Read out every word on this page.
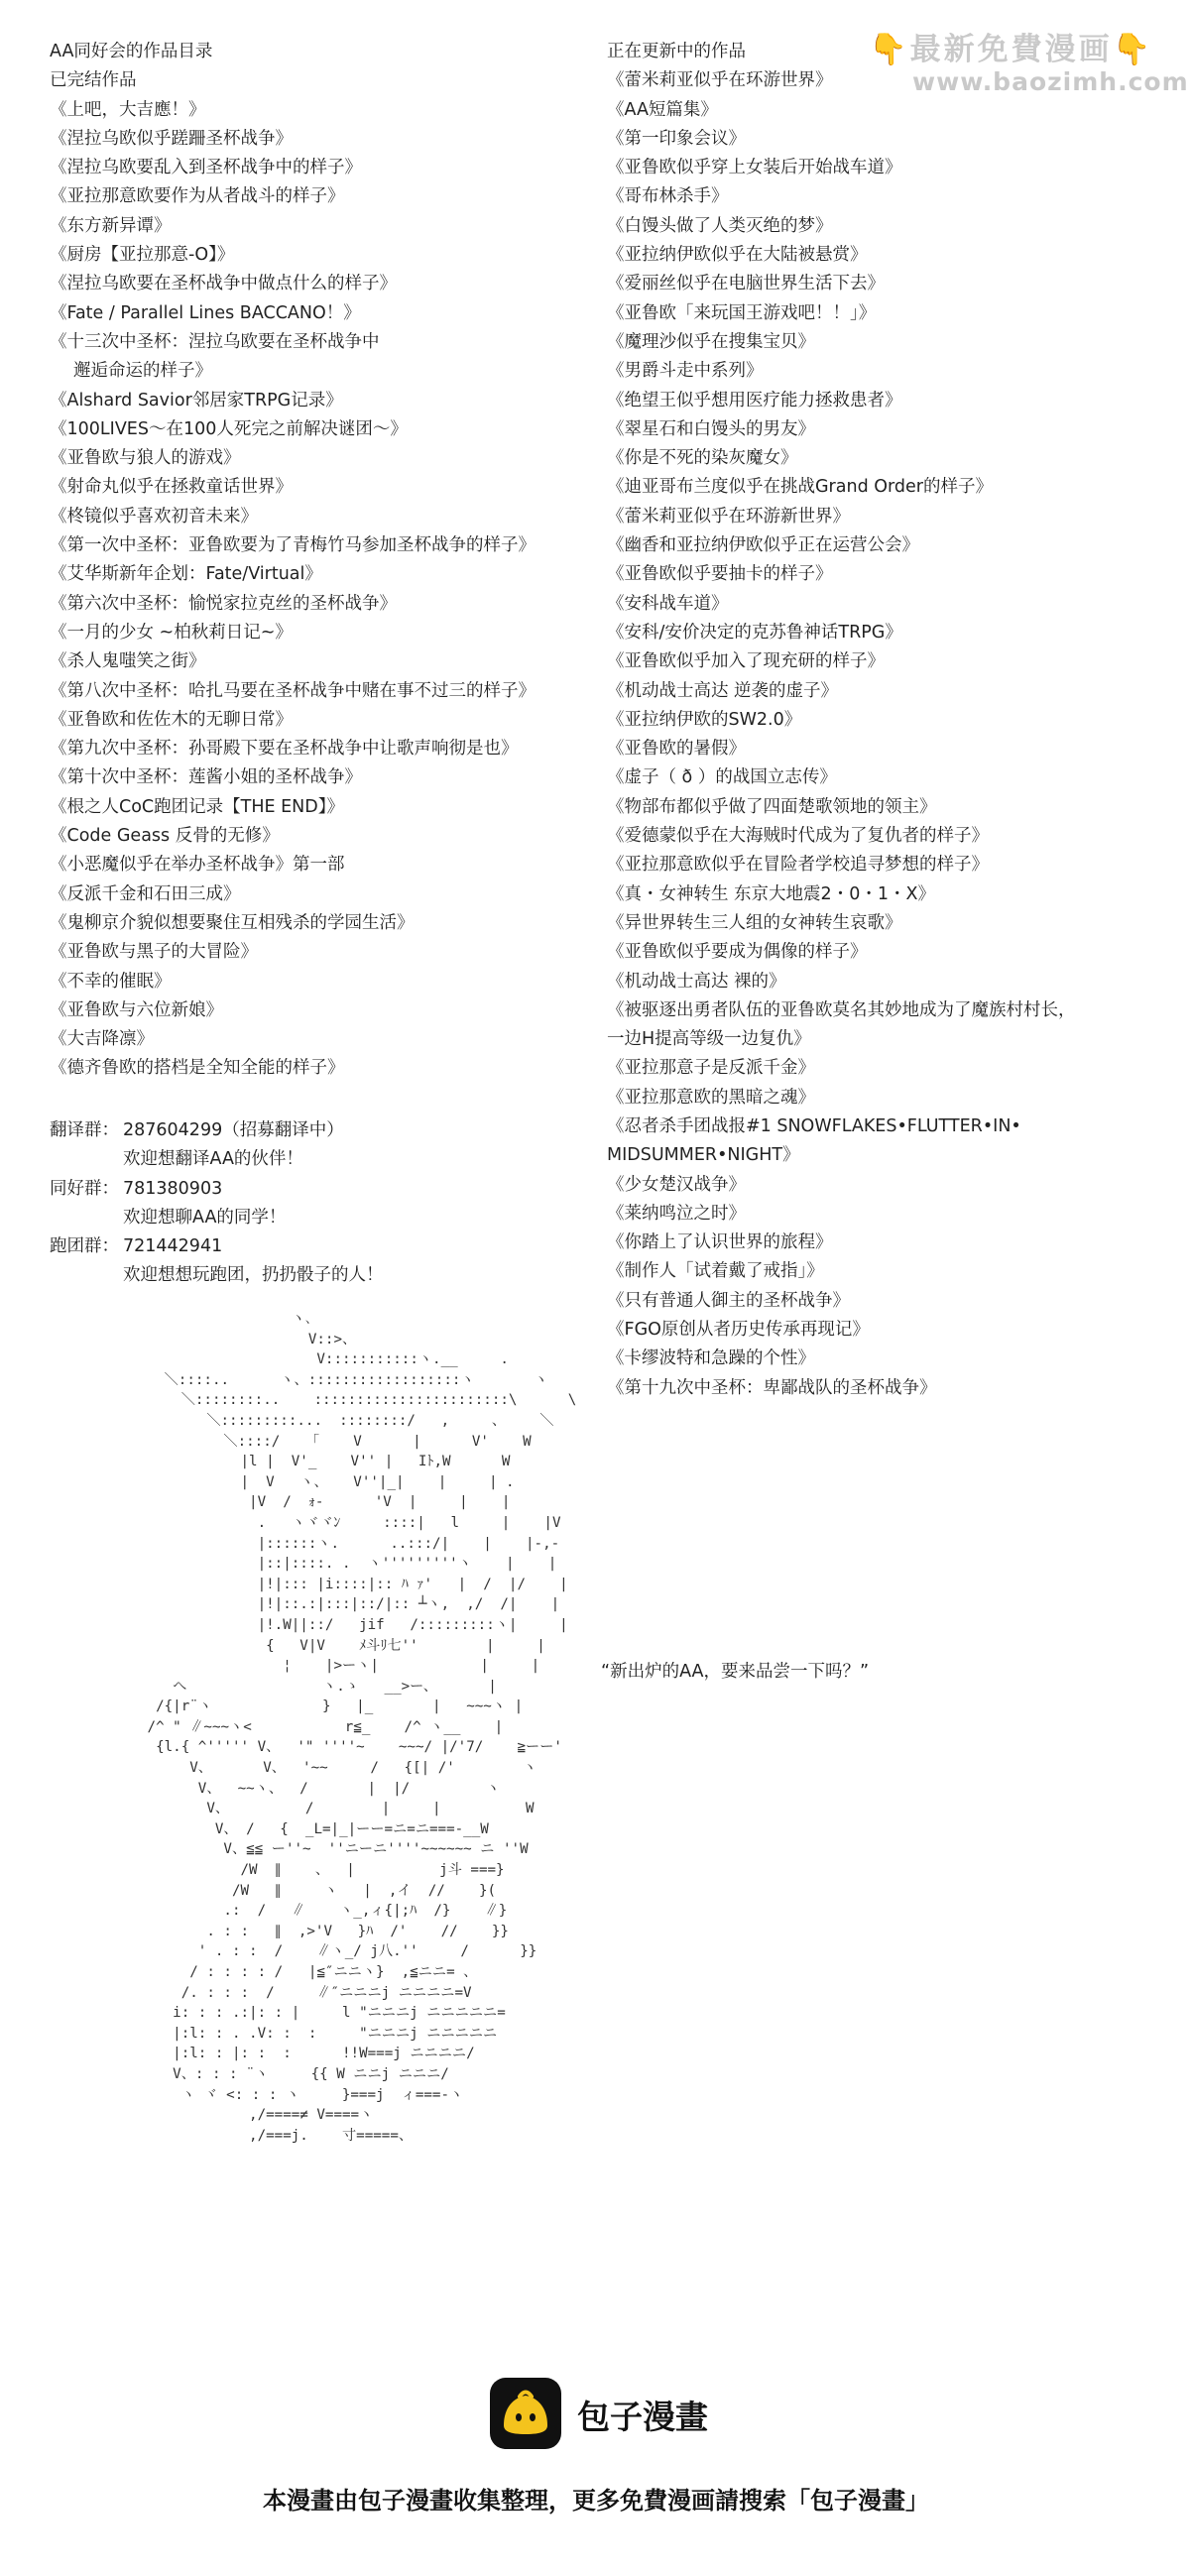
👇最新免費漫画👇
www.baozimh.com
AA同好会的作品目录
已完结作品
《上吧，大吉應！》
《涅拉乌欧似乎蹉跚圣杯战争》
《涅拉乌欧要乱入到圣杯战争中的样子》
《亚拉那意欧要作为从者战斗的样子》
《东方新异谭》
《厨房【亚拉那意-O】》
《涅拉乌欧要在圣杯战争中做点什么的样子》
《Fate / Parallel Lines BACCANO！》
《十三次中圣杯：涅拉乌欧要在圣杯战争中
邂逅命运的样子》
《Alshard Savior邻居家TRPG记录》
《100LIVES～在100人死完之前解决谜团～》
《亚鲁欧与狼人的游戏》
《射命丸似乎在拯救童话世界》
《柊镜似乎喜欢初音未来》
《第一次中圣杯：亚鲁欧要为了青梅竹马参加圣杯战争的样子》
《艾华斯新年企划：Fate/Virtual》
《第六次中圣杯：愉悦家拉克丝的圣杯战争》
《一月的少女 ~柏秋莉日记~》
《杀人鬼嗤笑之街》
《第八次中圣杯：哈扎马要在圣杯战争中赌在事不过三的样子》
《亚鲁欧和佐佐木的无聊日常》
《第九次中圣杯：孙哥殿下要在圣杯战争中让歌声响彻是也》
《第十次中圣杯：莲酱小姐的圣杯战争》
《根之人CoC跑团记录【THE END】》
《Code Geass 反骨的无修》
《小恶魔似乎在举办圣杯战争》第一部
《反派千金和石田三成》
《鬼柳京介貌似想要聚住互相残杀的学园生活》
《亚鲁欧与黑子的大冒险》
《不幸的催眠》
《亚鲁欧与六位新娘》
《大吉降凛》
《德齐鲁欧的搭档是全知全能的样子》
翻译群： 287604299（招募翻译中）
欢迎想翻译AA的伙伴！
同好群： 781380903
欢迎想聊AA的同学！
跑团群： 721442941
欢迎想想玩跑团，扔扔骰子的人！
正在更新中的作品
《蕾米莉亚似乎在环游世界》
《AA短篇集》
《第一印象会议》
《亚鲁欧似乎穿上女装后开始战车道》
《哥布林杀手》
《白馒头做了人类灭绝的梦》
《亚拉纳伊欧似乎在大陆被悬赏》
《爱丽丝似乎在电脑世界生活下去》
《亚鲁欧「来玩国王游戏吧！！」》
《魔理沙似乎在搜集宝贝》
《男爵斗走中系列》
《绝望王似乎想用医疗能力拯救患者》
《翠星石和白馒头的男友》
《你是不死的染灰魔女》
《迪亚哥布兰度似乎在挑战Grand Order的样子》
《蕾米莉亚似乎在环游新世界》
《幽香和亚拉纳伊欧似乎正在运营公会》
《亚鲁欧似乎要抽卡的样子》
《安科战车道》
《安科/安价决定的克苏鲁神话TRPG》
《亚鲁欧似乎加入了现充研的样子》
《机动战士高达 逆袭的虚子》
《亚拉纳伊欧的SW2.0》
《亚鲁欧的暑假》
《虚子（ ð ）的战国立志传》
《物部布都似乎做了四面楚歌领地的领主》
《爱德蒙似乎在大海贼时代成为了复仇者的样子》
《亚拉那意欧似乎在冒险者学校追寻梦想的样子》
《真・女神转生 东京大地震2・0・1・X》
《异世界转生三人组的女神转生哀歌》
《亚鲁欧似乎要成为偶像的样子》
《机动战士高达 裸的》
《被驱逐出勇者队伍的亚鲁欧莫名其妙地成为了魔族村村长，
一边H提高等级一边复仇》
《亚拉那意子是反派千金》
《亚拉那意欧的黑暗之魂》
《忍者杀手团战报#1 SNOWFLAKES•FLUTTER•IN•
MIDSUMMER•NIGHT》
《少女楚汉战争》
《莱纳鸣泣之时》
《你踏上了认识世界的旅程》
《制作人「试着戴了戒指」》
《只有普通人御主的圣杯战争》
《FGO原创从者历史传承再现记》
《卡缪波特和急躁的个性》
《第十九次中圣杯：卑鄙战队的圣杯战争》
ヽ､
V::>、
V:::::::::::ヽ.__     .
＼::::..      ヽ、::::::::::::::::::ヽ       ヽ
＼::::::::..    :::::::::::::::::::::::\      \
＼:::::::::...  ::::::::/   ,     、    ＼
＼::::/   「    V      |      V'    W
|l |  V'_    V'' |   Iﾄ,W      W
|  V   ヽ、   V''|_|    |     | .
|V  /  ｫ-      'V  |     |    |
.   ヽヾヾﾝ     ::::|   l     |    |V
|::::::ヽ.      ..:::/|    |    |-,-
|::|::::. .  ヽ'''''''''ヽ    |    |
|!|::: |i::::|:: ﾊ ｧ'   |  /  |/    |
|!|::.:|:::|::/|:: ┴ヽ,  ,/  /|    |
|!.W||::/   jif   /:::::::::ヽ|     |
{   V|V    ﾒ斗ﾘ七''        |     |
¦    |>ーヽ|            |     |
へ                ヽ.ゝ   __>ー、      |
/{|r¨ヽ             }   |_       |   ~~~ヽ |
/^ " ∥~~~ヽ<           r≦_    /^ ヽ__    |
{l.{ ^''''' V、  '" ''''~    ~~~/ |/'7/    ≧ーー'
V、      V、  '~~     /   {[| /'        ヽ
V、  ~~ヽ、  /       |  |/         ヽ
V、         /        |     |          W
V、 /   {  _L=|_|ーー=ニ=ニ===-__W
V、≦≦ ー''~  ''ニーニ''''~~~~~~ ニ ''W
/W  ∥    、  |          j斗 ===}
/W   ∥     ヽ   |  ,イ  //    }(
.:  /   ∥    ヽ_,ィ{|;ﾊ  /}    ∥}
. : :   ∥  ,>'V   }ﾊ  /'    //    }}
' . : :  /    ∥ヽ_/ j八.''     /      }}
/ : : : : /   |≦″ニニヽ}  ,≦ニニ= 、
/. : : :  /     ∥″ニニニj ニニニニ=V
i: : : .:|: : |     l "ニニニj ニニニニニ=
|:l: : . .V: :  :     "ニニニj ニニニニニ
|:l: : |: :  :      !!W===j ニニニニ/
V、: : : ¨ヽ     {{ W ニニj ニニニ/
ヽ ヾ <: : : ヽ     }===j  ィ===-ヽ
,/====≠ V====ヽ
,/===j.    寸=====、
“新出炉的AA，要来品尝一下吗？”
包子漫畫
本漫畫由包子漫畫收集整理，更多免費漫画請搜索「包子漫畫」
